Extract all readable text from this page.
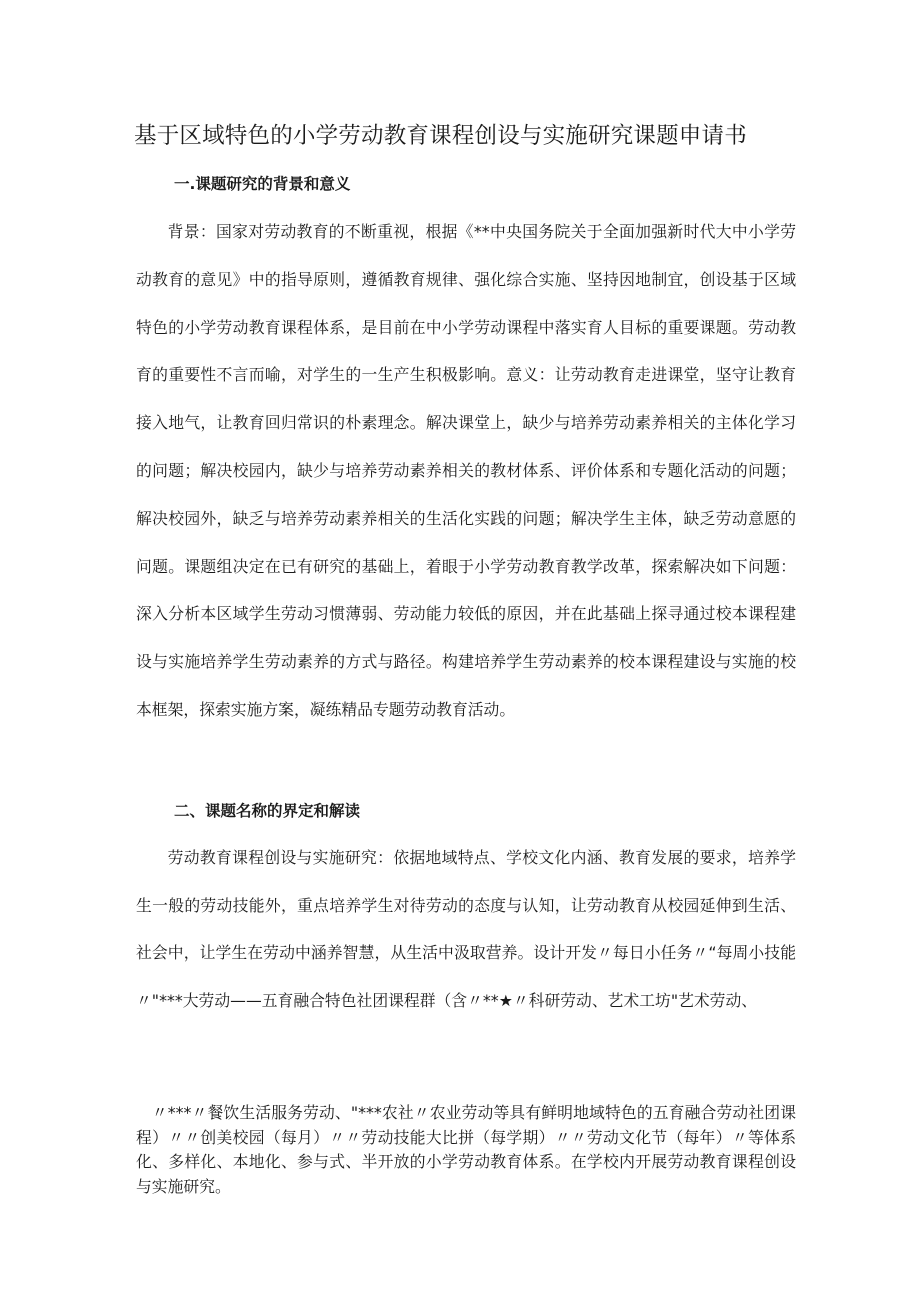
基于区域特色的小学劳动教育课程创设与实施研究课题申请书
一.课题研究的背景和意义

背景：国家对劳动教育的不断重视，根据《**中央国务院关于全面加强新时代大中小学劳动教育的意见》中的指导原则，遵循教育规律、强化综合实施、坚持因地制宜，创设基于区域特色的小学劳动教育课程体系，是目前在中小学劳动课程中落实育人目标的重要课题。劳动教育的重要性不言而喻，对学生的一生产生积极影响。意义：让劳动教育走进课堂，坚守让教育接入地气，让教育回归常识的朴素理念。解决课堂上，缺少与培养劳动素养相关的主体化学习的问题；解决校园内，缺少与培养劳动素养相关的教材体系、评价体系和专题化活动的问题；解决校园外，缺乏与培养劳动素养相关的生活化实践的问题；解决学生主体，缺乏劳动意愿的问题。课题组决定在已有研究的基础上，着眼于小学劳动教育教学改革，探索解决如下问题：深入分析本区域学生劳动习惯薄弱、劳动能力较低的原因，并在此基础上探寻通过校本课程建设与实施培养学生劳动素养的方式与路径。构建培养学生劳动素养的校本课程建设与实施的校本框架，探索实施方案，凝练精品专题劳动教育活动。

二、课题名称的界定和解读

劳动教育课程创设与实施研究：依据地域特点、学校文化内涵、教育发展的要求，培养学生一般的劳动技能外，重点培养学生对待劳动的态度与认知，让劳动教育从校园延伸到生活、社会中，让学生在劳动中涵养智慧，从生活中汲取营养。设计开发〃每日小任务〃“每周小技能〃"***大劳动——五育融合特色社团课程群（含〃**★〃科研劳动、艺术工坊"艺术劳动、

〃***〃餐饮生活服务劳动、"***农社〃农业劳动等具有鲜明地域特色的五育融合劳动社团课程）〃〃创美校园（每月）〃〃劳动技能大比拼（每学期）〃〃劳动文化节（每年）〃等体系化、多样化、本地化、参与式、半开放的小学劳动教育体系。在学校内开展劳动教育课程创设与实施研究。
